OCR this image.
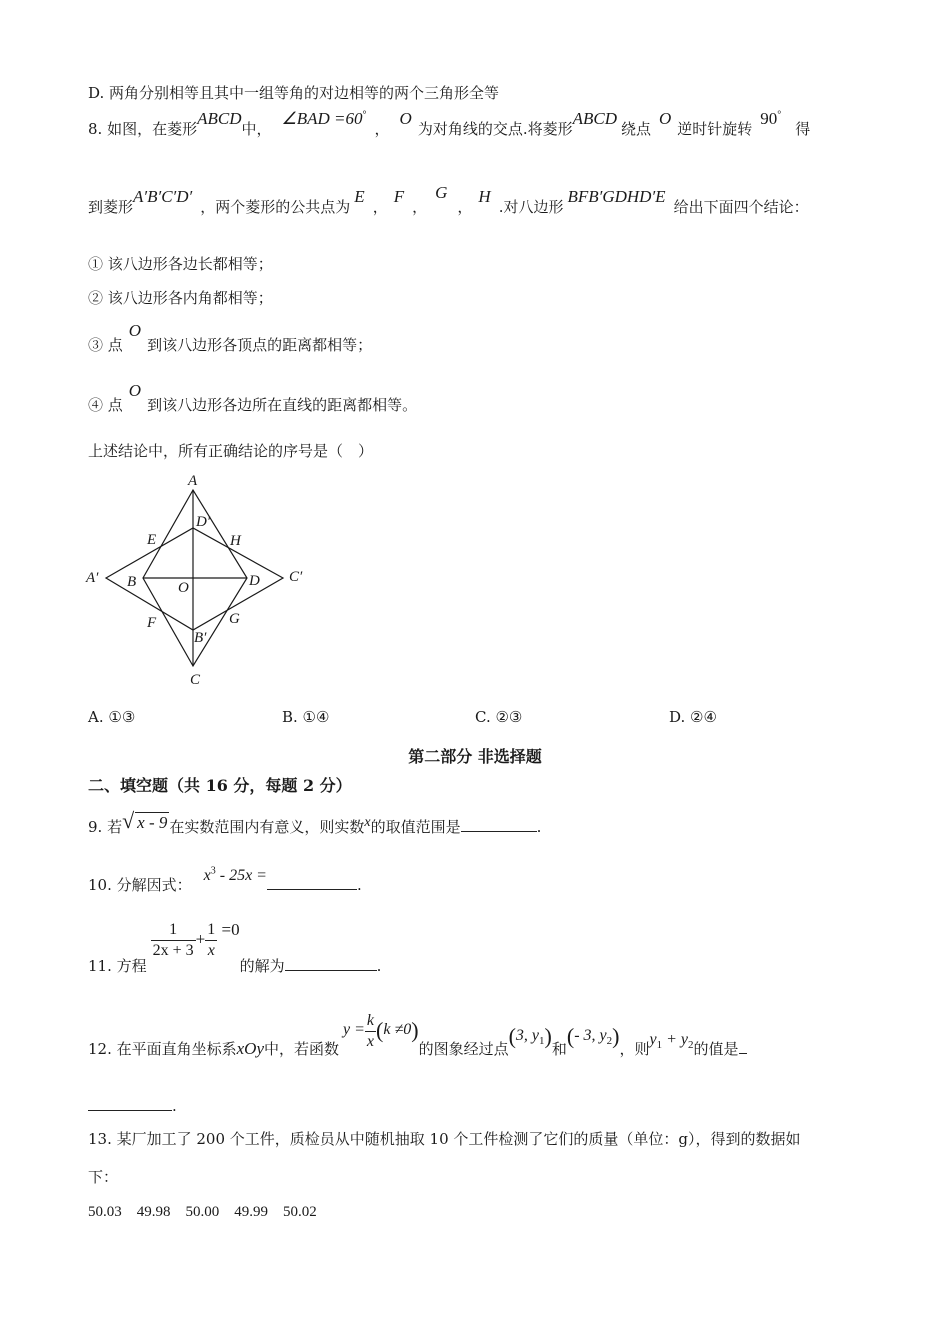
D. 两角分别相等且其中一组等角的对边相等的两个三角形全等
8. 如图，在菱形ABCD中，∠BAD =60°，O为对角线的交点.将菱形ABCD绕点O逆时针旋转90°得
到菱形A′B′C′D′，两个菱形的公共点为E，F，G，H.对八边形BFB′GDHD′E给出下面四个结论：
① 该八边形各边长都相等；
② 该八边形各内角都相等；
③ 点O到该八边形各顶点的距离都相等；
④ 点O到该八边形各边所在直线的距离都相等。
上述结论中，所有正确结论的序号是（　）
A
D′
E	H
A′ B	O	D C′
F	G
B′
C
A. ①③	B. ①④	C. ②③	D. ②④
第二部分 非选择题
二、填空题（共 16 分，每题 2 分）
9. 若√ x - 9 在实数范围内有意义，则实数x的取值范围是	.
10. 分解因式：$x^3 - 25x$ =.
11. 方程
$\frac{1}{2x + 3} + \frac{1}{x} =0$的解为	.
12. 在平面直角坐标系xOy中，若函数$y = \frac{k}{x} (k \ne 0)$的图象经过点(3, $y_1$)和(- 3, $y_2$)，则$y_1 + y_2$的值是
.
13. 某厂加工了 200 个工件，质检员从中随机抽取 10 个工件检测了它们的质量（单位：g），得到的数据如
下：
50.03　49.98　50.00　49.99　50.02
